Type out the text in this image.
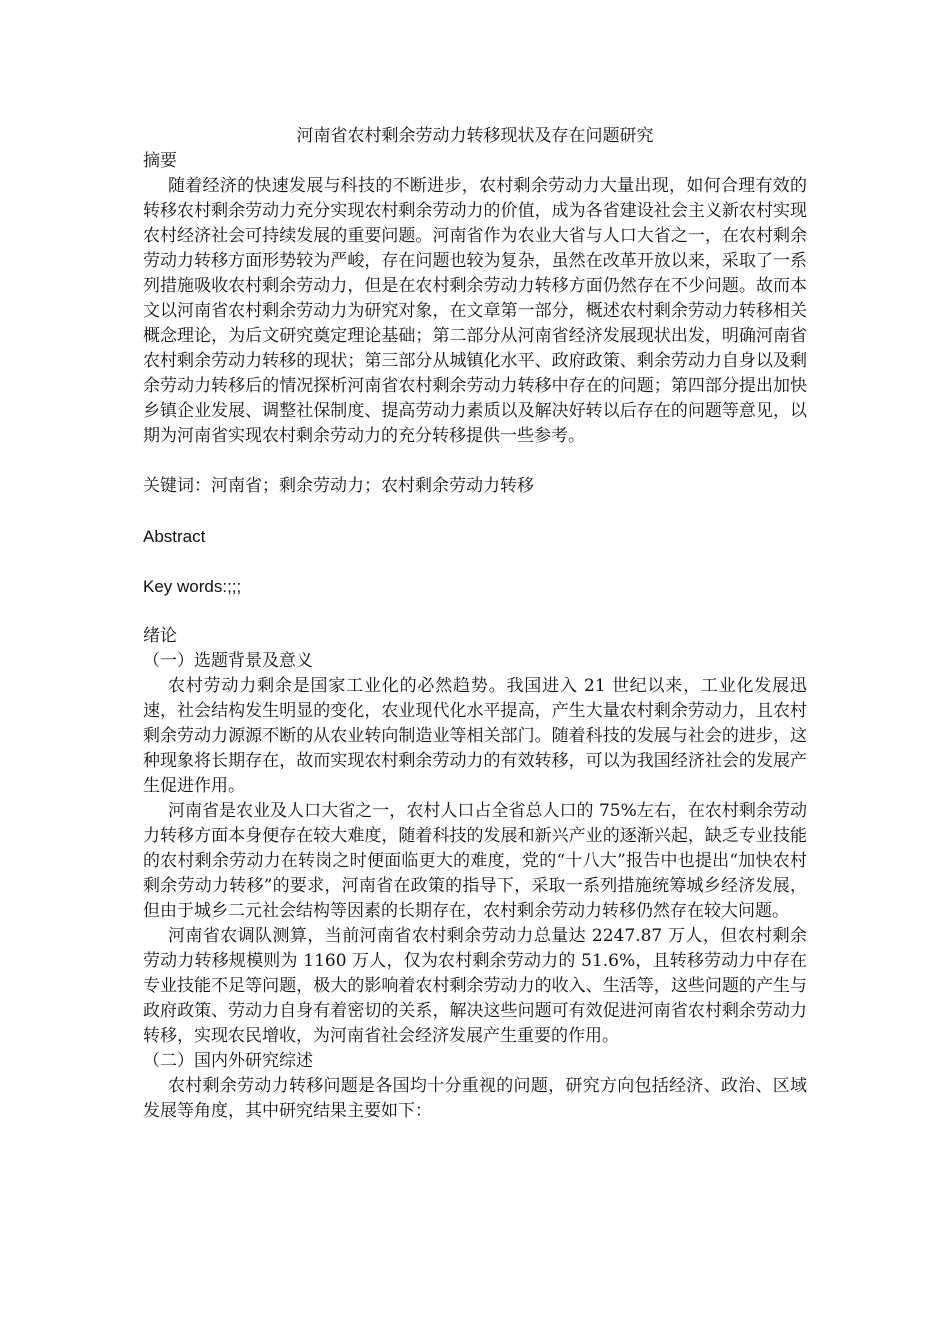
河南省农村剩余劳动力转移现状及存在问题研究

摘要

随着经济的快速发展与科技的不断进步，农村剩余劳动力大量出现，如何合理有效的转移农村剩余劳动力充分实现农村剩余劳动力的价值，成为各省建设社会主义新农村实现农村经济社会可持续发展的重要问题。河南省作为农业大省与人口大省之一，在农村剩余劳动力转移方面形势较为严峻，存在问题也较为复杂，虽然在改革开放以来，采取了一系列措施吸收农村剩余劳动力，但是在农村剩余劳动力转移方面仍然存在不少问题。故而本文以河南省农村剩余劳动力为研究对象，在文章第一部分，概述农村剩余劳动力转移相关概念理论，为后文研究奠定理论基础；第二部分从河南省经济发展现状出发，明确河南省农村剩余劳动力转移的现状；第三部分从城镇化水平、政府政策、剩余劳动力自身以及剩余劳动力转移后的情况探析河南省农村剩余劳动力转移中存在的问题；第四部分提出加快乡镇企业发展、调整社保制度、提高劳动力素质以及解决好转以后存在的问题等意见，以期为河南省实现农村剩余劳动力的充分转移提供一些参考。

关键词：河南省；剩余劳动力；农村剩余劳动力转移

Abstract

Key words:;;;

绪论

（一）选题背景及意义

农村劳动力剩余是国家工业化的必然趋势。我国进入 21 世纪以来，工业化发展迅速，社会结构发生明显的变化，农业现代化水平提高，产生大量农村剩余劳动力，且农村剩余劳动力源源不断的从农业转向制造业等相关部门。随着科技的发展与社会的进步，这种现象将长期存在，故而实现农村剩余劳动力的有效转移，可以为我国经济社会的发展产生促进作用。

河南省是农业及人口大省之一，农村人口占全省总人口的 75%左右，在农村剩余劳动力转移方面本身便存在较大难度，随着科技的发展和新兴产业的逐渐兴起，缺乏专业技能的农村剩余劳动力在转岗之时便面临更大的难度，党的“十八大”报告中也提出“加快农村剩余劳动力转移”的要求，河南省在政策的指导下，采取一系列措施统筹城乡经济发展，但由于城乡二元社会结构等因素的长期存在，农村剩余劳动力转移仍然存在较大问题。

河南省农调队测算，当前河南省农村剩余劳动力总量达 2247.87 万人，但农村剩余劳动力转移规模则为 1160 万人，仅为农村剩余劳动力的 51.6%，且转移劳动力中存在专业技能不足等问题，极大的影响着农村剩余劳动力的收入、生活等，这些问题的产生与政府政策、劳动力自身有着密切的关系，解决这些问题可有效促进河南省农村剩余劳动力转移，实现农民增收，为河南省社会经济发展产生重要的作用。

（二）国内外研究综述

农村剩余劳动力转移问题是各国均十分重视的问题，研究方向包括经济、政治、区域发展等角度，其中研究结果主要如下：
